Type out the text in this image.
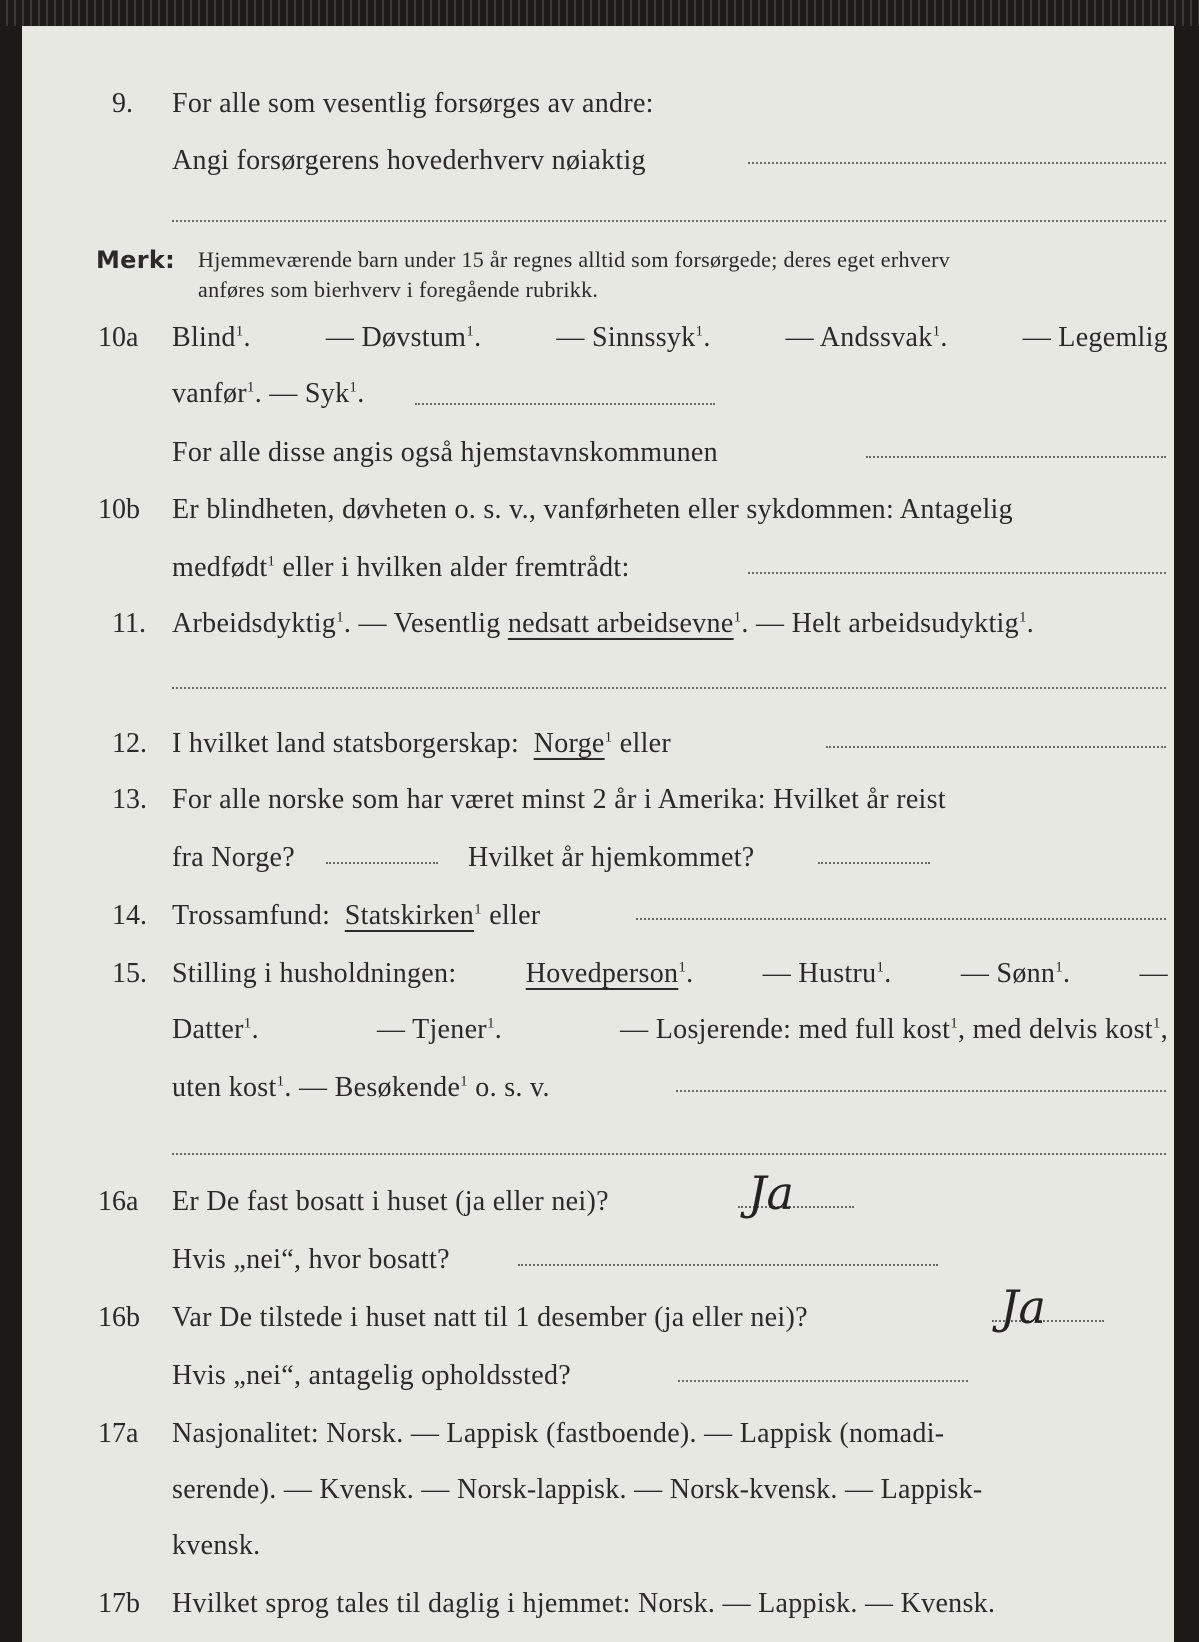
9. For alle som vesentlig forsørges av andre:
Angi forsørgerens hovederhverv nøiaktig
Merk: Hjemmeværende barn under 15 år regnes alltid som forsørgede; deres eget erhverv
anføres som bierhverv i foregående rubrikk.
10a Blind$^1$.	— Døvstum$^1$.	— Sinnssyk$^1$.	— Andssvak$^1$.	— Legemlig
vanfør$^1$. — Syk$^1$.
For alle disse angis også hjemstavnskommunen
10b Er blindheten, døvheten o. s. v., vanførheten eller sykdommen: Antagelig
medfødt$^1$ eller i hvilken alder fremtrådt:
11. Arbeidsdyktig$^1$. — Vesentlig nedsatt arbeidsevne$^1$. — Helt arbeidsudyktig$^1$.
12. I hvilket land statsborgerskap: Norge$^1$ eller
13. For alle norske som har været minst 2 år i Amerika: Hvilket år reist
fra Norge?	Hvilket år hjemkommet?
14. Trossamfund: Statskirken$^1$ eller
15. Stilling i husholdningen: Hovedperson$^1$. — Hustru$^1$. — Sønn$^1$. —
Datter$^1$.	— Tjener$^1$.	— Losjerende: med full kost$^1$, med delvis kost$^1$,
uten kost$^1$. — Besøkende$^1$ o. s. v.
16a Er De fast bosatt i huset (ja eller nei)?	Ja
Hvis „nei“, hvor bosatt?
16b Var De tilstede i huset natt til 1 desember (ja eller nei)?	Ja
Hvis „nei“, antagelig opholdssted?
17a Nasjonalitet: Norsk. — Lappisk (fastboende). — Lappisk (nomadi-
serende). — Kvensk. — Norsk-lappisk. — Norsk-kvensk. — Lappisk-
kvensk.
17b Hvilket sprog tales til daglig i hjemmet: Norsk. — Lappisk. — Kvensk.
